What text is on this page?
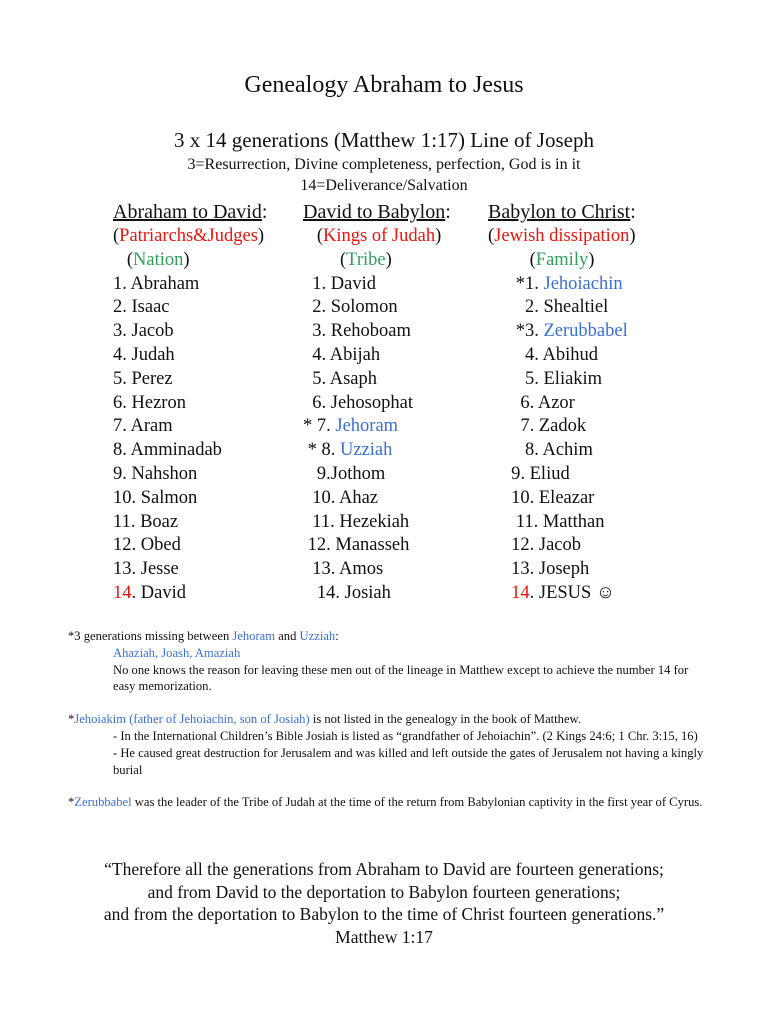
Genealogy Abraham to Jesus
3 x 14 generations (Matthew 1:17) Line of Joseph
3=Resurrection, Divine completeness, perfection, God is in it
14=Deliverance/Salvation
Abraham to David:
(Patriarchs&Judges)
(Nation)
1. Abraham
2. Isaac
3. Jacob
4. Judah
5. Perez
6. Hezron
7. Aram
8. Amminadab
9. Nahshon
10. Salmon
11. Boaz
12. Obed
13. Jesse
14. David
David to Babylon:
(Kings of Judah)
(Tribe)
1. David
2. Solomon
3. Rehoboam
4. Abijah
5. Asaph
6. Jehosophat
* 7. Jehoram
* 8. Uzziah
9.Jothom
10. Ahaz
11. Hezekiah
12. Manasseh
13. Amos
14. Josiah
Babylon to Christ:
(Jewish dissipation)
(Family)
*1. Jehoiachin
2. Shealtiel
*3. Zerubbabel
4. Abihud
5. Eliakim
6. Azor
7. Zadok
8. Achim
9. Eliud
10. Eleazar
11. Matthan
12. Jacob
13. Joseph
14. JESUS ☺
*3 generations missing between Jehoram and Uzziah:
Ahaziah, Joash, Amaziah
No one knows the reason for leaving these men out of the lineage in Matthew except to achieve the number 14 for easy memorization.
*Jehoiakim (father of Jehoiachin, son of Josiah) is not listed in the genealogy in the book of Matthew.
- In the International Children’s Bible Josiah is listed as “grandfather of Jehoiachin”. (2 Kings 24:6; 1 Chr. 3:15, 16)
- He caused great destruction for Jerusalem and was killed and left outside the gates of Jerusalem not having a kingly burial
*Zerubbabel was the leader of the Tribe of Judah at the time of the return from Babylonian captivity in the first year of Cyrus.
“Therefore all the generations from Abraham to David are fourteen generations;
and from David to the deportation to Babylon fourteen generations;
and from the deportation to Babylon to the time of Christ fourteen generations.”
Matthew 1:17
